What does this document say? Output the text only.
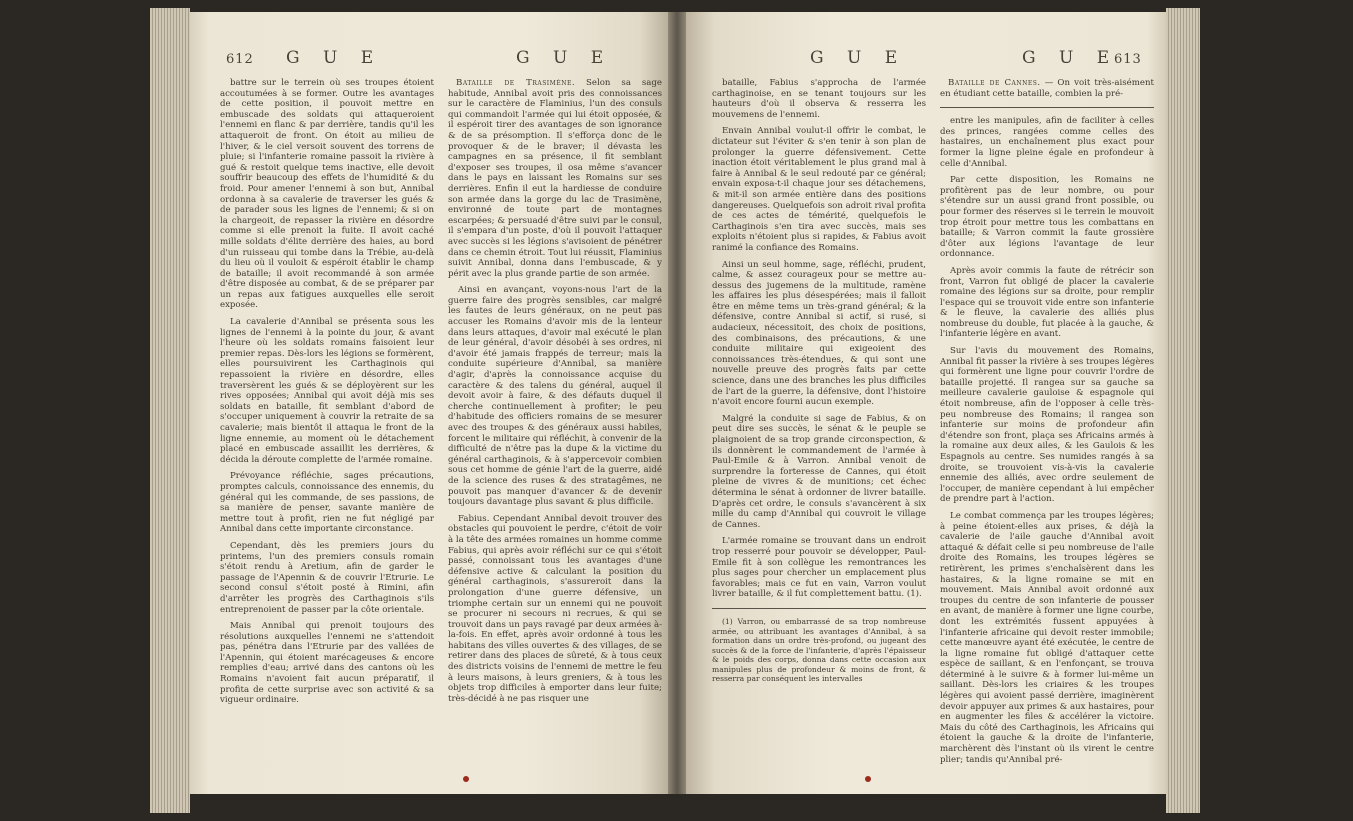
612 G U E	G U E

battre sur le terrein où ses troupes étoient accoutumées à se former. Outre les avantages de cette position, il pouvoit mettre en embuscade des soldats qui attaqueroient l'ennemi en flanc & par derrière, tandis qu'il les attaqueroit de front. On étoit au milieu de l'hiver, & le ciel versoit souvent des torrens de pluie; si l'infanterie romaine passoit la rivière à gué & restoit quelque tems inactive, elle devoit souffrir beaucoup des effets de l'humidité & du froid. Pour amener l'ennemi à son but, Annibal ordonna à sa cavalerie de traverser les gués & de parader sous les lignes de l'ennemi; & si on la chargeoit, de repasser la rivière en désordre comme si elle prenoit la fuite. Il avoit caché mille soldats d'élite derrière des haies, au bord d'un ruisseau qui tombe dans la Trébie, au-delà du lieu où il vouloit & espéroit établir le champ de bataille; il avoit recommandé à son armée d'être disposée au combat, & de se préparer par un repas aux fatigues auxquelles elle seroit exposée.

La cavalerie d'Annibal se présenta sous les lignes de l'ennemi à la pointe du jour, & avant l'heure où les soldats romains faisoient leur premier repas. Dès-lors les légions se formèrent, elles poursuivirent les Carthaginois qui repassoient la rivière en désordre, elles traversèrent les gués & se déployèrent sur les rives opposées; Annibal qui avoit déjà mis ses soldats en bataille, fit semblant d'abord de s'occuper uniquement à couvrir la retraite de sa cavalerie; mais bientôt il attaqua le front de la ligne ennemie, au moment où le détachement placé en embuscade assaillit les derrières, & décida la déroute complette de l'armée romaine.

Prévoyance réfléchie, sages précautions, promptes calculs, connoissance des ennemis, du général qui les commande, de ses passions, de sa manière de penser, savante manière de mettre tout à profit, rien ne fut négligé par Annibal dans cette importante circonstance.

Cependant, dès les premiers jours du printems, l'un des premiers consuls romain s'étoit rendu à Aretium, afin de garder le passage de l'Apennin & de couvrir l'Etrurie. Le second consul s'étoit posté à Rimini, afin d'arrêter les progrès des Carthaginois s'ils entreprenoient de passer par la côte orientale.

Mais Annibal qui prenoit toujours des résolutions auxquelles l'ennemi ne s'attendoit pas, pénétra dans l'Etrurie par des vallées de l'Apennin, qui étoient marécageuses & encore remplies d'eau; arrivé dans des cantons où les Romains n'avoient fait aucun préparatif, il profita de cette surprise avec son activité & sa vigueur ordinaire.

Bataille de Trasimène. Selon sa sage habitude, Annibal avoit pris des connoissances sur le caractère de Flaminius, l'un des consuls qui commandoit l'armée qui lui étoit opposée, & il espéroit tirer des avantages de son ignorance & de sa présomption. Il s'efforça donc de le provoquer & de le braver; il dévasta les campagnes en sa présence, il fit semblant d'exposer ses troupes, il osa même s'avancer dans le pays en laissant les Romains sur ses derrières. Enfin il eut la hardiesse de conduire son armée dans la gorge du lac de Trasimène, environné de toute part de montagnes escarpées; & persuadé d'être suivi par le consul, il s'empara d'un poste, d'où il pouvoit l'attaquer avec succès si les légions s'avisoient de pénétrer dans ce chemin étroit. Tout lui réussit, Flaminius suivit Annibal, donna dans l'embuscade, & y périt avec la plus grande partie de son armée.

Ainsi en avançant, voyons-nous l'art de la guerre faire des progrès sensibles, car malgré les fautes de leurs généraux, on ne peut pas accuser les Romains d'avoir mis de la lenteur dans leurs attaques, d'avoir mal exécuté le plan de leur général, d'avoir désobéi à ses ordres, ni d'avoir été jamais frappés de terreur; mais la conduite supérieure d'Annibal, sa manière d'agir, d'après la connoissance acquise du caractère & des talens du général, auquel il devoit avoir à faire, & des défauts duquel il cherche continuellement à profiter; le peu d'habitude des officiers romains de se mesurer avec des troupes & des généraux aussi habiles, forcent le militaire qui réfléchit, à convenir de la difficulté de n'être pas la dupe & la victime du général carthaginois, & à s'appercevoir combien sous cet homme de génie l'art de la guerre, aidé de la science des ruses & des stratagêmes, ne pouvoit pas manquer d'avancer & de devenir toujours davantage plus savant & plus difficile.

Fabius. Cependant Annibal devoit trouver des obstacles qui pouvoient le perdre, c'étoit de voir à la tête des armées romaines un homme comme Fabius, qui après avoir réfléchi sur ce qui s'étoit passé, connoissant tous les avantages d'une défensive active & calculant la position du général carthaginois, s'assureroit dans la prolongation d'une guerre défensive, un triomphe certain sur un ennemi qui ne pouvoit se procurer ni secours ni recrues, & qui se trouvoit dans un pays ravagé par deux armées à-la-fois. En effet, après avoir ordonné à tous les habitans des villes ouvertes & des villages, de se retirer dans des places de sûreté, & à tous ceux des districts voisins de l'ennemi de mettre le feu à leurs maisons, à leurs greniers, & à tous les objets trop difficiles à emporter dans leur fuite; très-décidé à ne pas risquer une

G U E	G U E
613

bataille, Fabius s'approcha de l'armée carthaginoise, en se tenant toujours sur les hauteurs d'où il observa & resserra les mouvemens de l'ennemi.

Envain Annibal voulut-il offrir le combat, le dictateur sut l'éviter & s'en tenir à son plan de prolonger la guerre défensivement. Cette inaction étoit véritablement le plus grand mal à faire à Annibal & le seul redouté par ce général; envain exposa-t-il chaque jour ses détachemens, & mit-il son armée entière dans des positions dangereuses. Quelquefois son adroit rival profita de ces actes de témérité, quelquefois le Carthaginois s'en tira avec succès, mais ses exploits n'étoient plus si rapides, & Fabius avoit ranimé la confiance des Romains.

Ainsi un seul homme, sage, réfléchi, prudent, calme, & assez courageux pour se mettre au-dessus des jugemens de la multitude, ramène les affaires les plus désespérées; mais il falloit être en même tems un très-grand général; & la défensive, contre Annibal si actif, si rusé, si audacieux, nécessitoit, des choix de positions, des combinaisons, des précautions, & une conduite militaire qui exigeoient des connoissances très-étendues, & qui sont une nouvelle preuve des progrès faits par cette science, dans une des branches les plus difficiles de l'art de la guerre, la défensive, dont l'histoire n'avoit encore fourni aucun exemple.

Malgré la conduite si sage de Fabius, & on peut dire ses succès, le sénat & le peuple se plaignoient de sa trop grande circonspection, & ils donnèrent le commandement de l'armée à Paul-Emile & à Varron. Annibal venoit de surprendre la forteresse de Cannes, qui étoit pleine de vivres & de munitions; cet échec détermina le sénat à ordonner de livrer bataille. D'après cet ordre, le consuls s'avancèrent à six mille du camp d'Annibal qui couvroit le village de Cannes.

L'armée romaine se trouvant dans un endroit trop resserré pour pouvoir se développer, Paul-Emile fit à son collègue les remontrances les plus sages pour chercher un emplacement plus favorables; mais ce fut en vain, Varron voulut livrer bataille, & il fut complettement battu. (1).

(1) Varron, ou embarrassé de sa trop nombreuse armée, ou attribuant les avantages d'Annibal, à sa formation dans un ordre très-profond, ou jugeant des succès & de la force de l'infanterie, d'après l'épaisseur & le poids des corps, donna dans cette occasion aux manipules plus de profondeur & moins de front, & resserra par conséquent les intervalles

Bataille de Cannes. — On voit très-aisément en étudiant cette bataille, combien la pré-

entre les manipules, afin de faciliter à celles des princes, rangées comme celles des hastaires, un enchaînement plus exact pour former la ligne pleine égale en profondeur à celle d'Annibal.

Par cette disposition, les Romains ne profitèrent pas de leur nombre, ou pour s'étendre sur un aussi grand front possible, ou pour former des réserves si le terrein le mouvoit trop étroit pour mettre tous les combattans en bataille; & Varron commit la faute grossière d'ôter aux légions l'avantage de leur ordonnance.

Après avoir commis la faute de rétrécir son front, Varron fut obligé de placer la cavalerie romaine des légions sur sa droite, pour remplir l'espace qui se trouvoit vide entre son infanterie & le fleuve, la cavalerie des alliés plus nombreuse du double, fut placée à la gauche, & l'infanterie légère en avant.

Sur l'avis du mouvement des Romains, Annibal fit passer la rivière à ses troupes légères qui formèrent une ligne pour couvrir l'ordre de bataille projetté. Il rangea sur sa gauche sa meilleure cavalerie gauloise & espagnole qui étoit nombreuse, afin de l'opposer à celle très-peu nombreuse des Romains; il rangea son infanterie sur moins de profondeur afin d'étendre son front, plaça ses Africains armés à la romaine aux deux ailes, & les Gaulois & les Espagnols au centre. Ses numides rangés à sa droite, se trouvoient vis-à-vis la cavalerie ennemie des alliés, avec ordre seulement de l'occuper, de manière cependant à lui empêcher de prendre part à l'action.

Le combat commença par les troupes légères; à peine étoient-elles aux prises, & déjà la cavalerie de l'aile gauche d'Annibal avoit attaqué & défait celle si peu nombreuse de l'aile droite des Romains, les troupes légères se retirèrent, les primes s'enchaîsèrent dans les hastaires, & la ligne romaine se mit en mouvement. Mais Annibal avoit ordonné aux troupes du centre de son infanterie de pousser en avant, de manière à former une ligne courbe, dont les extrémités fussent appuyées à l'infanterie africaine qui devoit rester immobile; cette manœuvre ayant été exécutée, le centre de la ligne romaine fut obligé d'attaquer cette espèce de saillant, & en l'enfonçant, se trouva déterminé à le suivre & à former lui-même un saillant. Dès-lors les criaires & les troupes légères qui avoient passé derrière, imaginèrent devoir appuyer aux primes & aux hastaires, pour en augmenter les files & accélérer la victoire. Mais du côté des Carthaginois, les Africains qui étoient la gauche & la droite de l'infanterie, marchèrent dès l'instant où ils virent le centre plier; tandis qu'Annibal pré-
